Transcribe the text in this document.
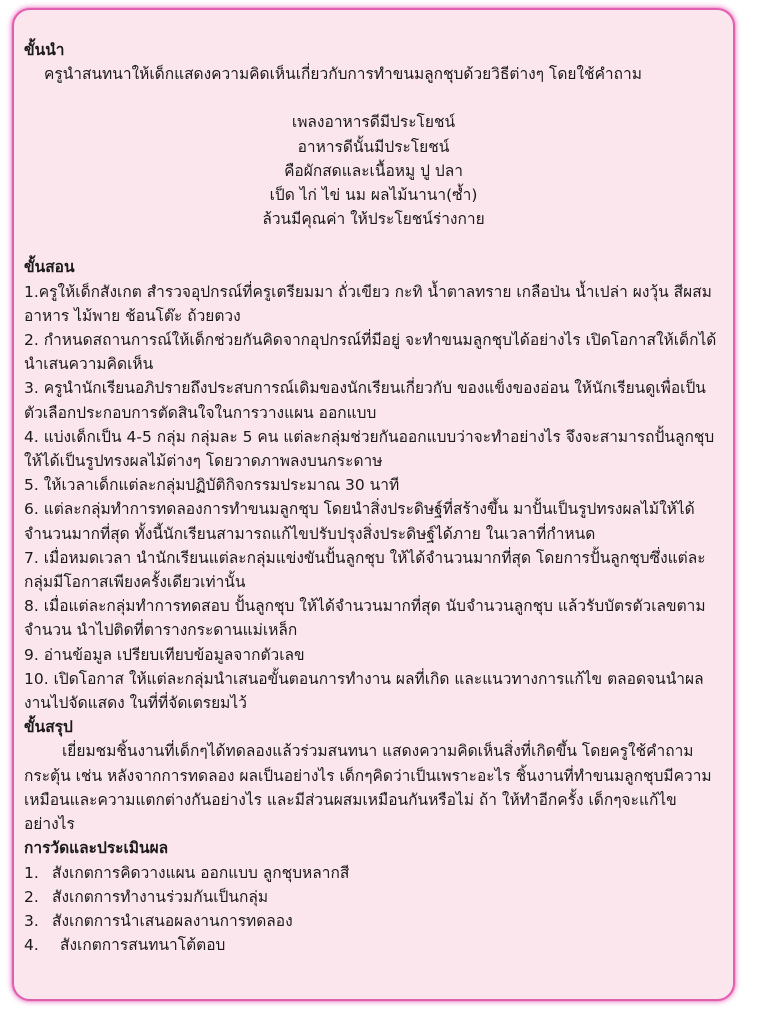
ขั้นนำ

ครูนำสนทนาให้เด็กแสดงความคิดเห็นเกี่ยวกับการทำขนมลูกชุบด้วยวิธีต่างๆ โดยใช้คำถาม

เพลงอาหารดีมีประโยชน์
อาหารดีนั้นมีประโยชน์
คือผักสดและเนื้อหมู ปู ปลา
เป็ด ไก่ ไข่ นม ผลไม้นานา(ซ้ำ)
ล้วนมีคุณค่า ให้ประโยชน์ร่างกาย

ขั้นสอน

1.ครูให้เด็กสังเกต สำรวจอุปกรณ์ที่ครูเตรียมมา ถั่วเขียว กะทิ น้ำตาลทราย เกลือป่น น้ำเปล่า ผงวุ้น สีผสมอาหาร ไม้พาย ช้อนโต๊ะ ถ้วยตวง

2. กำหนดสถานการณ์ให้เด็กช่วยกันคิดจากอุปกรณ์ที่มีอยู่ จะทำขนมลูกชุบได้อย่างไร เปิดโอกาสให้เด็กได้นำเสนความคิดเห็น

3. ครูนำนักเรียนอภิปรายถึงประสบการณ์เดิมของนักเรียนเกี่ยวกับ ของแข็งของอ่อน ให้นักเรียนดูเพื่อเป็นตัวเลือกประกอบการตัดสินใจในการวางแผน ออกแบบ

4. แบ่งเด็กเป็น 4-5 กลุ่ม กลุ่มละ 5 คน แต่ละกลุ่มช่วยกันออกแบบว่าจะทำอย่างไร จึงจะสามารถปั้นลูกชุบให้ได้เป็นรูปทรงผลไม้ต่างๆ โดยวาดภาพลงบนกระดาษ

5. ให้เวลาเด็กแต่ละกลุ่มปฏิบัติกิจกรรมประมาณ 30 นาที

6. แต่ละกลุ่มทำการทดลองการทำขนมลูกชุบ โดยนำสิ่งประดิษฐ์ที่สร้างขึ้น มาปั้นเป็นรูปทรงผลไม้ให้ได้จำนวนมากที่สุด ทั้งนี้นักเรียนสามารถแก้ไขปรับปรุงสิ่งประดิษฐ์ได้ภาย ในเวลาที่กำหนด

7. เมื่อหมดเวลา นำนักเรียนแต่ละกลุ่มแข่งขันปั้นลูกชุบ ให้ได้จำนวนมากที่สุด โดยการปั้นลูกชุบซึ่งแต่ละกลุ่มมีโอกาสเพียงครั้งเดียวเท่านั้น

8. เมื่อแต่ละกลุ่มทำการทดสอบ ปั้นลูกชุบ ให้ได้จำนวนมากที่สุด นับจำนวนลูกชุบ แล้วรับบัตรตัวเลขตามจำนวน นำไปติดที่ตารางกระดานแม่เหล็ก

9. อ่านข้อมูล เปรียบเทียบข้อมูลจากตัวเลข

10. เปิดโอกาส ให้แต่ละกลุ่มนำเสนอขั้นตอนการทำงาน ผลที่เกิด และแนวทางการแก้ไข ตลอดจนนำผลงานไปจัดแสดง ในที่ที่จัดเตรยมไว้

ขั้นสรุป

เยี่ยมชมชิ้นงานที่เด็กๆได้ทดลองแล้วร่วมสนทนา แสดงความคิดเห็นสิ่งที่เกิดขึ้น โดยครูใช้คำถามกระตุ้น เช่น หลังจากการทดลอง ผลเป็นอย่างไร เด็กๆคิดว่าเป็นเพราะอะไร ชิ้นงานที่ทำขนมลูกชุบมีความเหมือนและความแตกต่างกันอย่างไร และมีส่วนผสมเหมือนกันหรือไม่ ถ้า ให้ทำอีกครั้ง เด็กๆจะแก้ไขอย่างไร

การวัดและประเมินผล

1. สังเกตการคิดวางแผน ออกแบบ ลูกชุบหลากสี

2. สังเกตการทำงานร่วมกันเป็นกลุ่ม

3. สังเกตการนำเสนอผลงานการทดลอง

4. สังเกตการสนทนาโต้ตอบ
